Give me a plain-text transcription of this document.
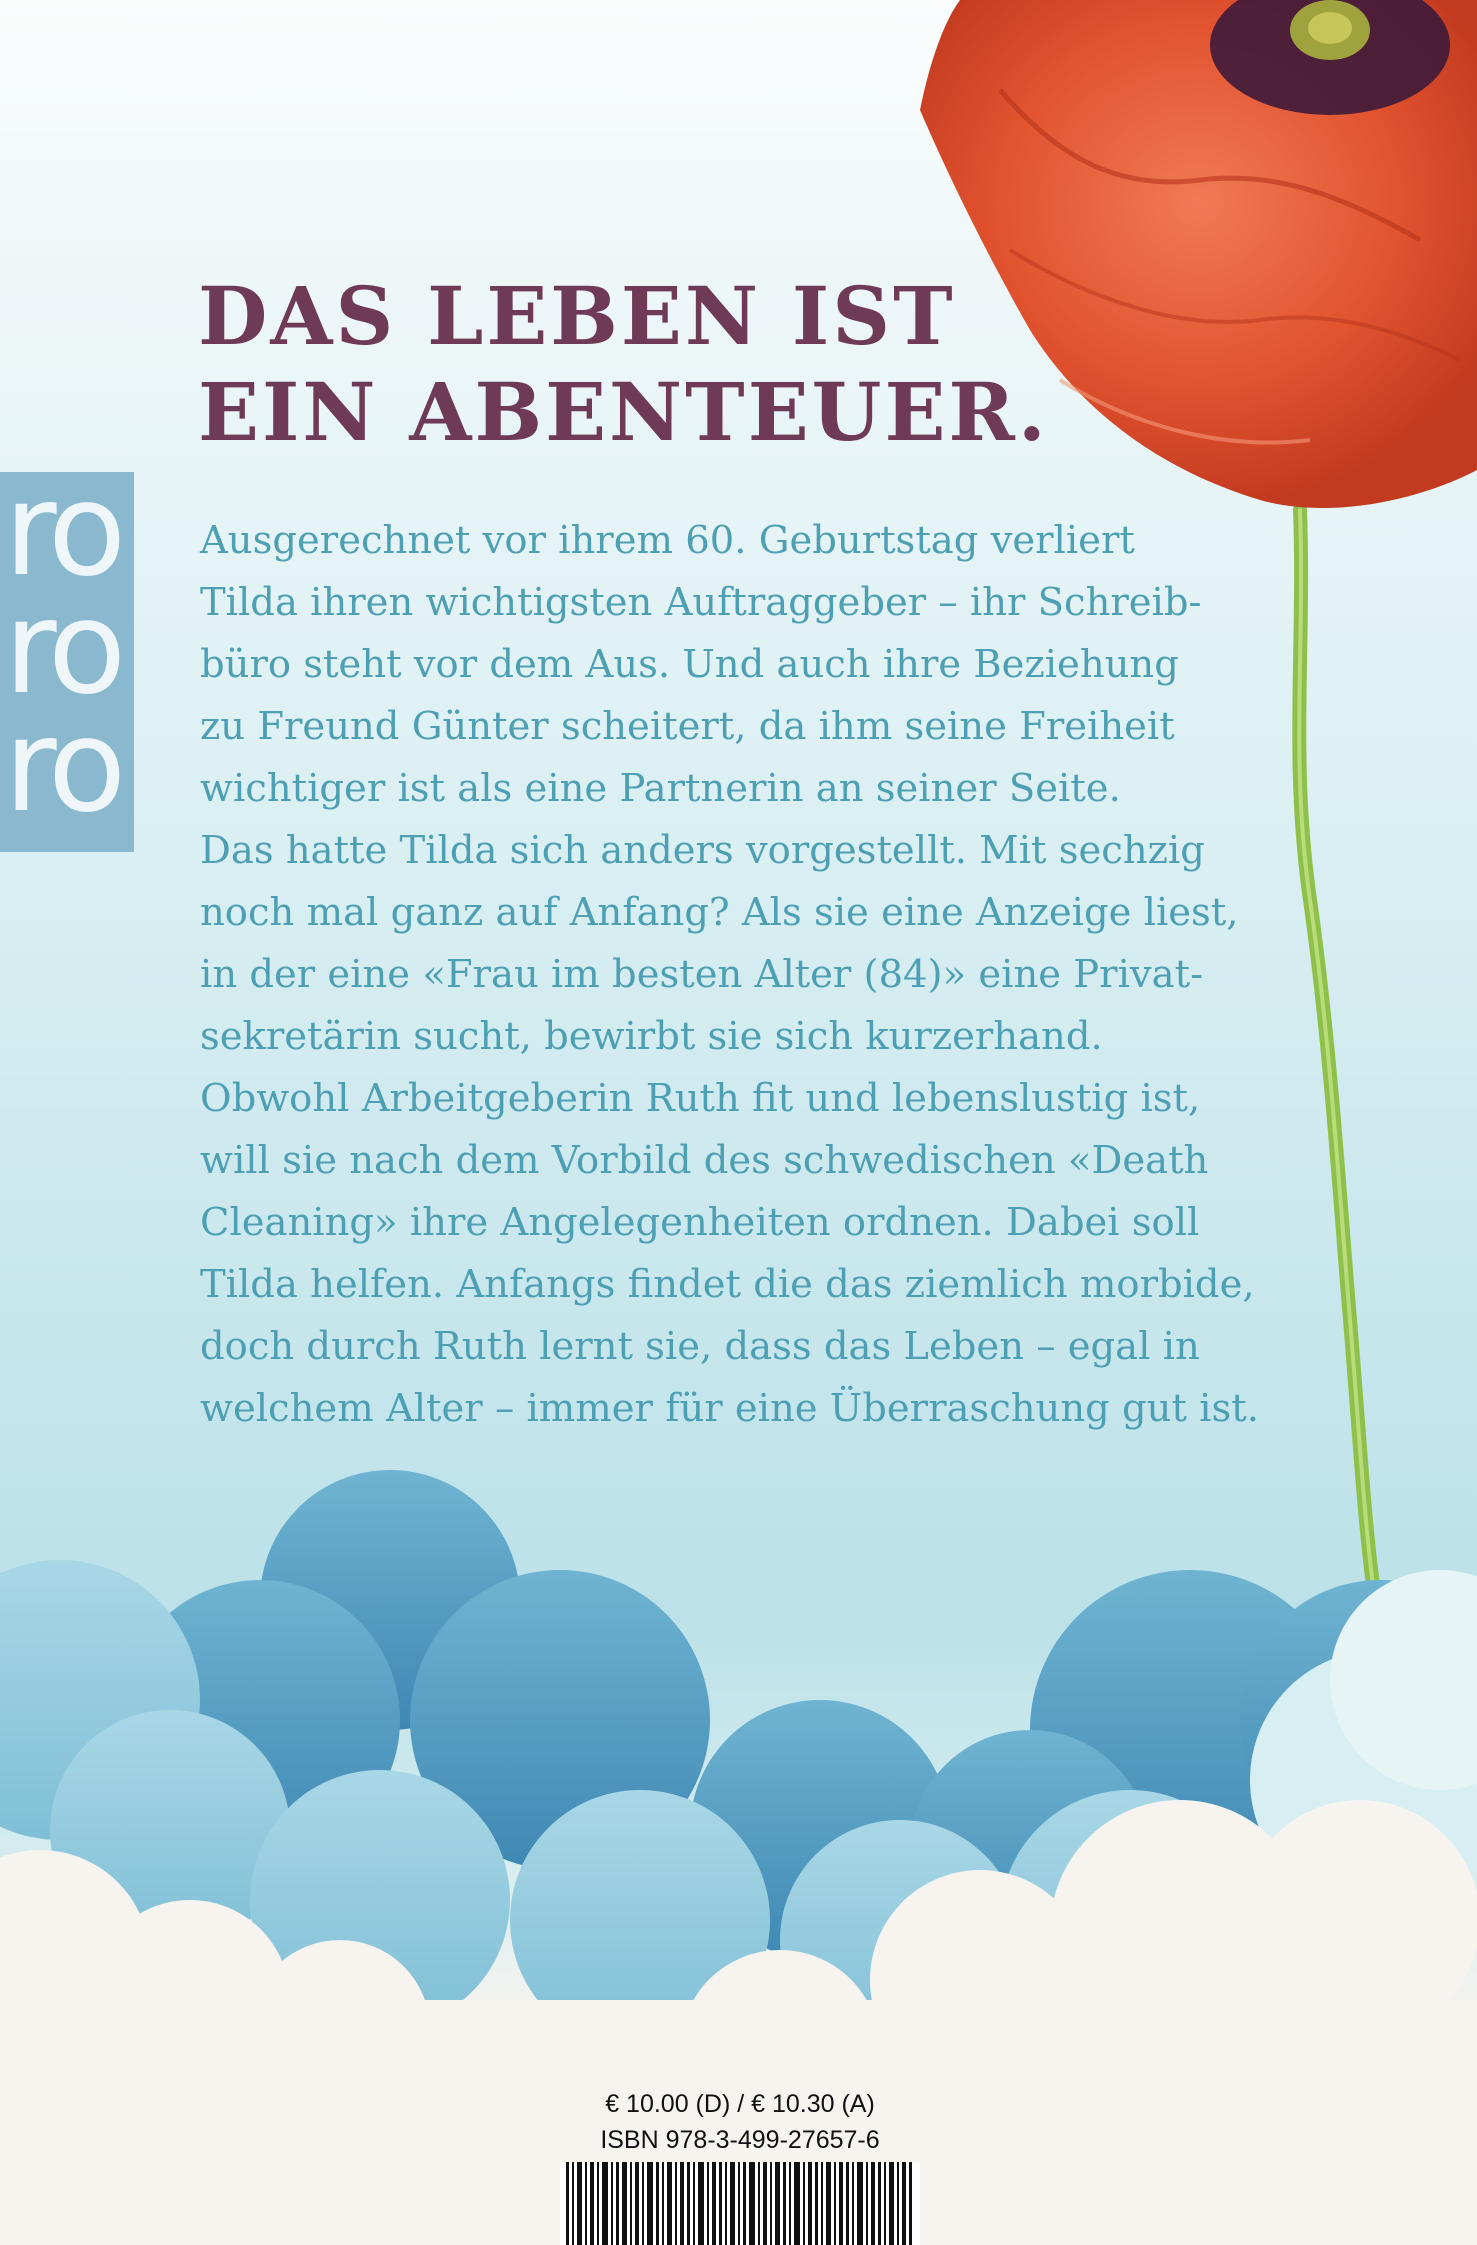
DAS LEBEN IST
EIN ABENTEUER.
ro
ro
ro
Ausgerechnet vor ihrem 60. Geburtstag verliert
Tilda ihren wichtigsten Auftraggeber – ihr Schreib-
büro steht vor dem Aus. Und auch ihre Beziehung
zu Freund Günter scheitert, da ihm seine Freiheit
wichtiger ist als eine Partnerin an seiner Seite.
Das hatte Tilda sich anders vorgestellt. Mit sechzig
noch mal ganz auf Anfang? Als sie eine Anzeige liest,
in der eine «Frau im besten Alter (84)» eine Privat-
sekretärin sucht, bewirbt sie sich kurzerhand.
Obwohl Arbeitgeberin Ruth fit und lebenslustig ist,
will sie nach dem Vorbild des schwedischen «Death
Cleaning» ihre Angelegenheiten ordnen. Dabei soll
Tilda helfen. Anfangs findet die das ziemlich morbide,
doch durch Ruth lernt sie, dass das Leben – egal in
welchem Alter – immer für eine Überraschung gut ist.
€ 10.00 (D) / € 10.30 (A)
ISBN 978-3-499-27657-6
